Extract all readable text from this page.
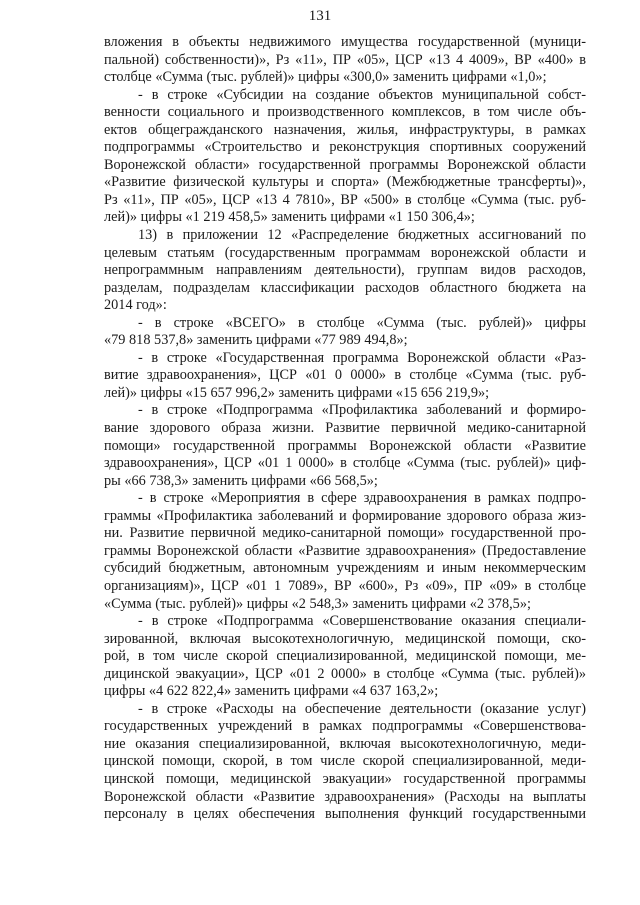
131
вложения в объекты недвижимого имущества государственной (муници-
пальной) собственности)», Рз «11», ПР «05», ЦСР «13 4 4009», ВР «400» в
столбце «Сумма (тыс. рублей)» цифры «300,0» заменить цифрами «1,0»;
- в строке «Субсидии на создание объектов муниципальной собст-
венности социального и производственного комплексов, в том числе объ-
ектов общегражданского назначения, жилья, инфраструктуры, в рамках
подпрограммы «Строительство и реконструкция спортивных сооружений
Воронежской области» государственной программы Воронежской области
«Развитие физической культуры и спорта» (Межбюджетные трансферты)»,
Рз «11», ПР «05», ЦСР «13 4 7810», ВР «500» в столбце «Сумма (тыс. руб-
лей)» цифры «1 219 458,5» заменить цифрами «1 150 306,4»;
13) в приложении 12 «Распределение бюджетных ассигнований по
целевым статьям (государственным программам воронежской области и
непрограммным направлениям деятельности), группам видов расходов,
разделам, подразделам классификации расходов областного бюджета на
2014 год»:
- в строке «ВСЕГО» в столбце «Сумма (тыс. рублей)» цифры
«79 818 537,8» заменить цифрами «77 989 494,8»;
- в строке «Государственная программа Воронежской области «Раз-
витие здравоохранения», ЦСР «01 0 0000» в столбце «Сумма (тыс. руб-
лей)» цифры «15 657 996,2» заменить цифрами «15 656 219,9»;
- в строке «Подпрограмма «Профилактика заболеваний и формиро-
вание здорового образа жизни. Развитие первичной медико-санитарной
помощи» государственной программы Воронежской области «Развитие
здравоохранения», ЦСР «01 1 0000» в столбце «Сумма (тыс. рублей)» циф-
ры «66 738,3» заменить цифрами «66 568,5»;
- в строке «Мероприятия в сфере здравоохранения в рамках подпро-
граммы «Профилактика заболеваний и формирование здорового образа жиз-
ни. Развитие первичной медико-санитарной помощи» государственной про-
граммы Воронежской области «Развитие здравоохранения» (Предоставление
субсидий бюджетным, автономным учреждениям и иным некоммерческим
организациям)», ЦСР «01 1 7089», ВР «600», Рз «09», ПР «09» в столбце
«Сумма (тыс. рублей)» цифры «2 548,3» заменить цифрами «2 378,5»;
- в строке «Подпрограмма «Совершенствование оказания специали-
зированной, включая высокотехнологичную, медицинской помощи, ско-
рой, в том числе скорой специализированной, медицинской помощи, ме-
дицинской эвакуации», ЦСР «01 2 0000» в столбце «Сумма (тыс. рублей)»
цифры «4 622 822,4» заменить цифрами «4 637 163,2»;
- в строке «Расходы на обеспечение деятельности (оказание услуг)
государственных учреждений в рамках подпрограммы «Совершенствова-
ние оказания специализированной, включая высокотехнологичную, меди-
цинской помощи, скорой, в том числе скорой специализированной, меди-
цинской помощи, медицинской эвакуации» государственной программы
Воронежской области «Развитие здравоохранения» (Расходы на выплаты
персоналу в целях обеспечения выполнения функций государственными
